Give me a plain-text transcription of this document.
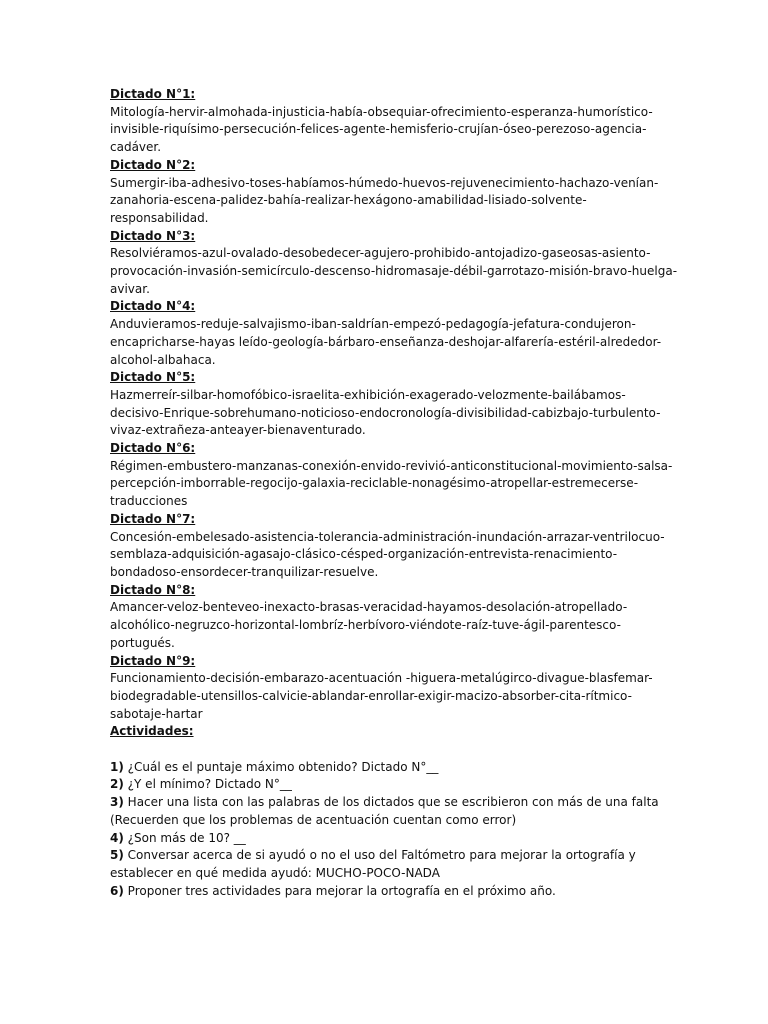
Dictado N°1:
Mitología-hervir-almohada-injusticia-había-obsequiar-ofrecimiento-esperanza-humorístico-
invisible-riquísimo-persecución-felices-agente-hemisferio-crujían-óseo-perezoso-agencia-
cadáver.
Dictado N°2:
Sumergir-iba-adhesivo-toses-habíamos-húmedo-huevos-rejuvenecimiento-hachazo-venían-
zanahoria-escena-palidez-bahía-realizar-hexágono-amabilidad-lisiado-solvente-
responsabilidad.
Dictado N°3:
Resolviéramos-azul-ovalado-desobedecer-agujero-prohibido-antojadizo-gaseosas-asiento-
provocación-invasión-semicírculo-descenso-hidromasaje-débil-garrotazo-misión-bravo-huelga-
avivar.
Dictado N°4:
Anduvieramos-reduje-salvajismo-iban-saldrían-empezó-pedagogía-jefatura-condujeron-
encapricharse-hayas leído-geología-bárbaro-enseñanza-deshojar-alfarería-estéril-alrededor-
alcohol-albahaca.
Dictado N°5:
Hazmerreír-silbar-homofóbico-israelita-exhibición-exagerado-velozmente-bailábamos-
decisivo-Enrique-sobrehumano-noticioso-endocronología-divisibilidad-cabizbajo-turbulento-
vivaz-extrañeza-anteayer-bienaventurado.
Dictado N°6:
Régimen-embustero-manzanas-conexión-envido-revivió-anticonstitucional-movimiento-salsa-
percepción-imborrable-regocijo-galaxia-reciclable-nonagésimo-atropellar-estremecerse-
traducciones
Dictado N°7:
Concesión-embelesado-asistencia-tolerancia-administración-inundación-arrazar-ventrilocuo-
semblaza-adquisición-agasajo-clásico-césped-organización-entrevista-renacimiento-
bondadoso-ensordecer-tranquilizar-resuelve.
Dictado N°8:
Amancer-veloz-benteveo-inexacto-brasas-veracidad-hayamos-desolación-atropellado-
alcohólico-negruzco-horizontal-lombríz-herbívoro-viéndote-raíz-tuve-ágil-parentesco-
portugués.
Dictado N°9:
Funcionamiento-decisión-embarazo-acentuación -higuera-metalúgirco-divague-blasfemar-
biodegradable-utensillos-calvicie-ablandar-enrollar-exigir-macizo-absorber-cita-rítmico-
sabotaje-hartar
Actividades:
1) ¿Cuál es el puntaje máximo obtenido? Dictado N°__
2) ¿Y el mínimo? Dictado N°__
3) Hacer una lista con las palabras de los dictados que se escribieron con más de una falta
(Recuerden que los problemas de acentuación cuentan como error)
4) ¿Son más de 10? __
5) Conversar acerca de si ayudó o no el uso del Faltómetro para mejorar la ortografía y
establecer en qué medida ayudó: MUCHO-POCO-NADA
6) Proponer tres actividades para mejorar la ortografía en el próximo año.
